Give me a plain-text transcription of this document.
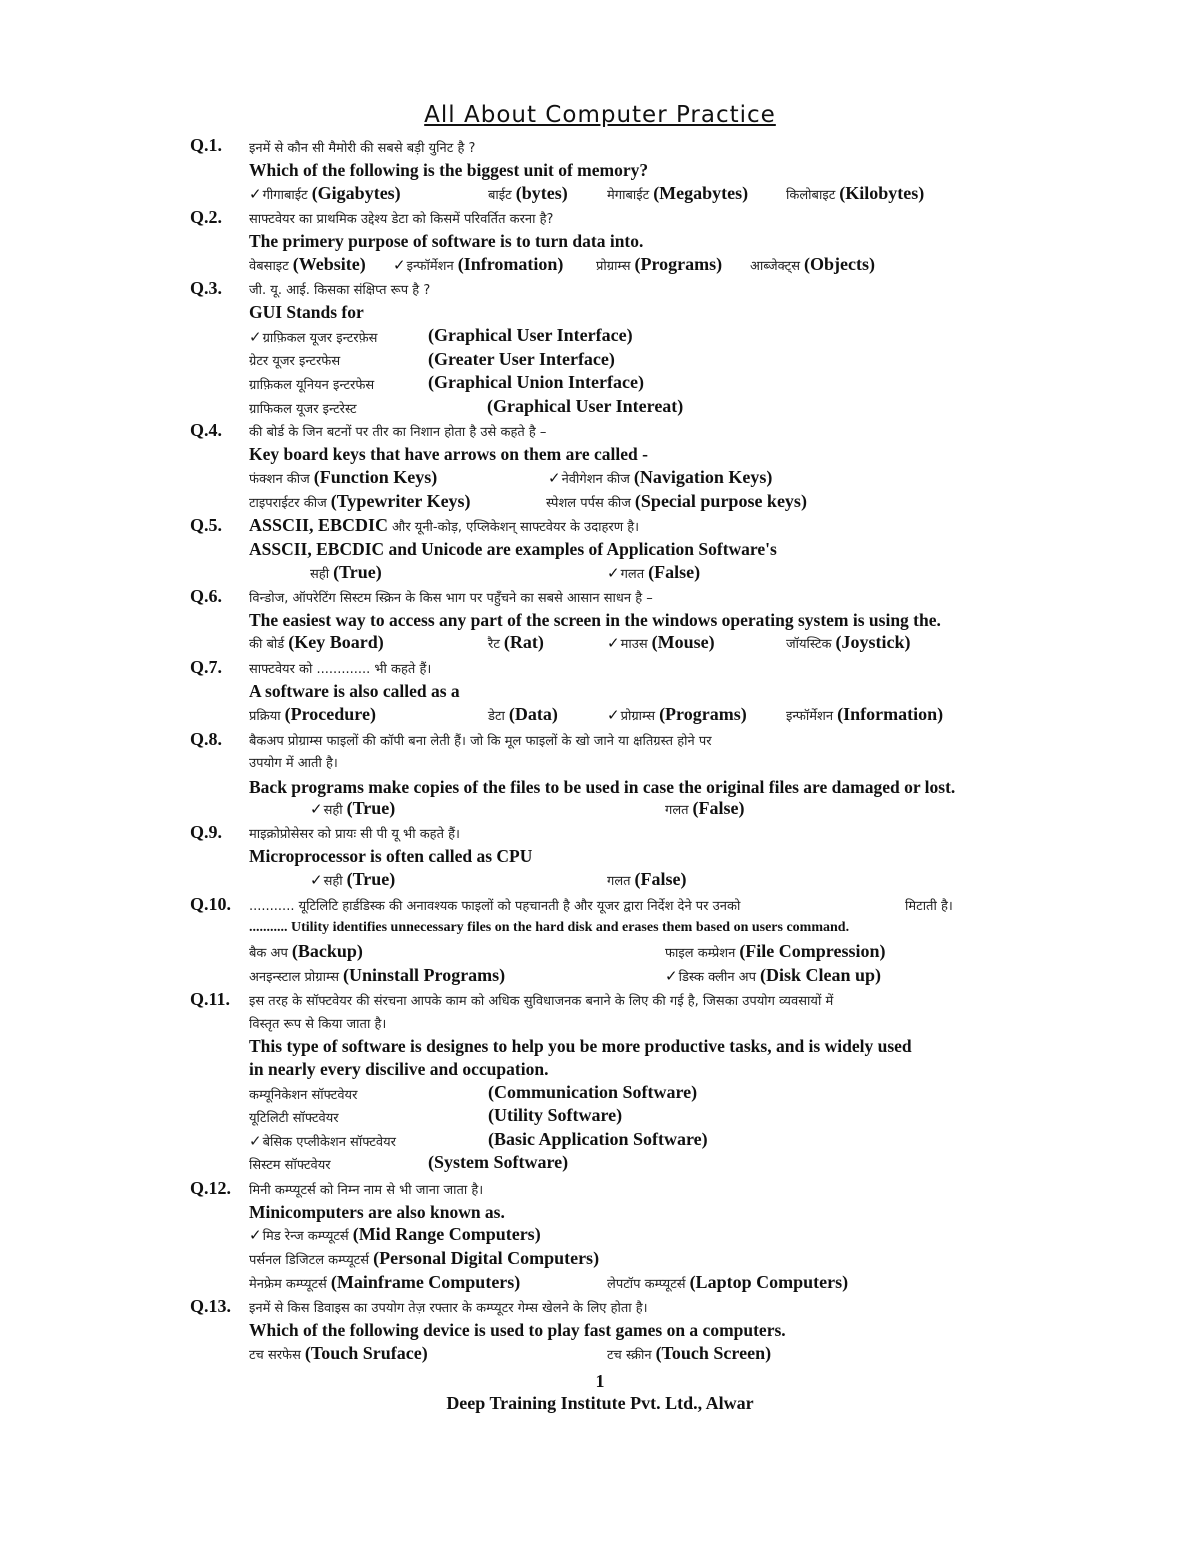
All About Computer Practice
Q.1. इनमें से कौन सी मैमोरी की सबसे बड़ी युनिट है ?
Which of the following is the biggest unit of memory?
✓गीगाबाईट (Gigabytes)	बाईट (bytes)	मेगाबाईट (Megabytes)	किलोबाइट (Kilobytes)
Q.2. साफ्टवेयर का प्राथमिक उद्देश्य डेटा को किसमें परिवर्तित करना है?
The primery purpose of software is to turn data into.
वेबसाइट (Website) ✓इन्फॉर्मेशन (Infromation)	प्रोग्राम्स (Programs) आब्जेक्ट्स (Objects)
Q.3. जी. यू. आई. किसका संक्षिप्त रूप है ?
GUI Stands for
✓ग्राफ़िकल यूजर इन्टरफ़ेस	(Graphical User Interface)
ग्रेटर यूजर इन्टरफेस	(Greater User Interface)
ग्राफ़िकल यूनियन इन्टरफेस	(Graphical Union Interface)
ग्राफिकल यूजर इन्टरेस्ट	(Graphical User Intereat)
Q.4. की बोर्ड के जिन बटनों पर तीर का निशान होता है उसे कहते है –
Key board keys that have arrows on them are called -
फंक्शन कीज (Function Keys)	✓नेवीगेशन कीज (Navigation Keys)
टाइपराईटर कीज (Typewriter Keys)	स्पेशल पर्पस कीज (Special purpose keys)
Q.5. ASSCII, EBCDIC और यूनी-कोड़, एप्लिकेशन् साफ्टवेयर के उदाहरण है।
ASSCII, EBCDIC and Unicode are examples of Application Software's
सही (True)	✓गलत (False)
Q.6. विन्डोज, ऑपरेटिंग सिस्टम स्क्रिन के किस भाग पर पहुँचने का सबसे आसान साधन है –
The easiest way to access any part of the screen in the windows operating system is using the.
की बोर्ड (Key Board)	रैट (Rat)	✓माउस (Mouse)	जॉयस्टिक (Joystick)
Q.7. साफ्टवेयर को ............. भी कहते हैं।
A software is also called as a
प्रक्रिया (Procedure)	डेटा (Data)	✓प्रोग्राम्स (Programs)	इन्फॉर्मेशन (Information)
Q.8. बैकअप प्रोग्राम्स फाइलों की कॉपी बना लेती हैं। जो कि मूल फाइलों के खो जाने या क्षतिग्रस्त होने पर
उपयोग में आती है।
Back programs make copies of the files to be used in case the original files are damaged or lost.
✓सही (True)	गलत (False)
Q.9. माइक्रोप्रोसेसर को प्रायः सी पी यू भी कहते हैं।
Microprocessor is often called as CPU
✓सही (True)	गलत (False)
Q.10. ........... यूटिलिटि हार्डडिस्क की अनावश्यक फाइलों को पहचानती है और यूजर द्वारा निर्देश देने पर उनको	मिटाती है।
........... Utility identifies unnecessary files on the hard disk and erases them based on users command.
बैक अप (Backup)	फाइल कम्प्रेशन (File Compression)
अनइन्स्टाल प्रोग्राम्स (Uninstall Programs)	✓डिस्क क्लीन अप (Disk Clean up)
Q.11. इस तरह के सॉफ्टवेयर की संरचना आपके काम को अधिक सुविधाजनक बनाने के लिए की गई है, जिसका उपयोग व्यवसायों में
विस्तृत रूप से किया जाता है।
This type of software is designes to help you be more productive tasks, and is widely used
in nearly every discilive and occupation.
कम्यूनिकेशन सॉफ्टवेयर	(Communication Software)
यूटिलिटी सॉफ्टवेयर	(Utility Software)
✓बेसिक एप्लीकेशन सॉफ्टवेयर	(Basic Application Software)
सिस्टम सॉफ्टवेयर	(System Software)
Q.12. मिनी कम्प्यूटर्स को निम्न नाम से भी जाना जाता है।
Minicomputers are also known as.
✓मिड रेन्ज कम्प्यूटर्स (Mid Range Computers)
पर्सनल डिजिटल कम्प्यूटर्स (Personal Digital Computers)
मेनफ्रेम कम्प्यूटर्स (Mainframe Computers)	लेपटॉप कम्प्यूटर्स (Laptop Computers)
Q.13. इनमें से किस डिवाइस का उपयोग तेज़ रफ्तार के कम्प्यूटर गेम्स खेलने के लिए होता है।
Which of the following device is used to play fast games on a computers.
टच सरफेस (Touch Sruface)	टच स्क्रीन (Touch Screen)
1
Deep Training Institute Pvt. Ltd., Alwar
